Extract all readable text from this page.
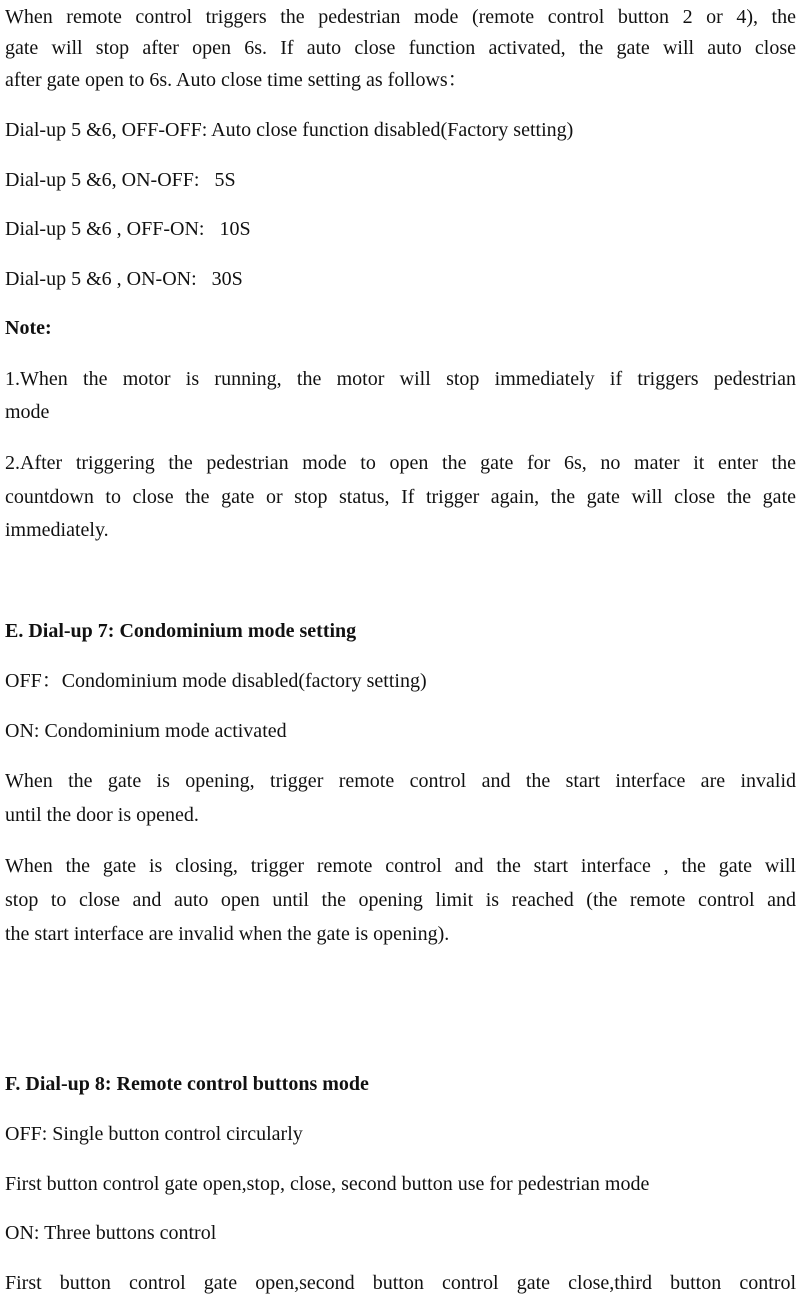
When remote control triggers the pedestrian mode (remote control button 2 or 4), the

gate will stop after open 6s. If auto close function activated, the gate will auto close

after gate open to 6s. Auto close time setting as follows：

Dial-up 5 &6, OFF-OFF: Auto close function disabled(Factory setting)

Dial-up 5 &6, ON-OFF:   5S

Dial-up 5 &6 , OFF-ON:   10S

Dial-up 5 &6 , ON-ON:   30S

Note:

1.When the motor is running, the motor will stop immediately if triggers pedestrian

mode

2.After triggering the pedestrian mode to open the gate for 6s, no mater it enter the

countdown to close the gate or stop status, If trigger again, the gate will close the gate

immediately.

E. Dial-up 7: Condominium mode setting

OFF：Condominium mode disabled(factory setting)

ON: Condominium mode activated

When the gate is opening, trigger remote control and the start interface are invalid

until the door is opened.

When the gate is closing, trigger remote control and the start interface , the gate will

stop to close and auto open until the opening limit is reached (the remote control and

the start interface are invalid when the gate is opening).

F. Dial-up 8: Remote control buttons mode

OFF: Single button control circularly

First button control gate open,stop, close, second button use for pedestrian mode

ON: Three buttons control

First button control gate open,second button control gate close,third button control
